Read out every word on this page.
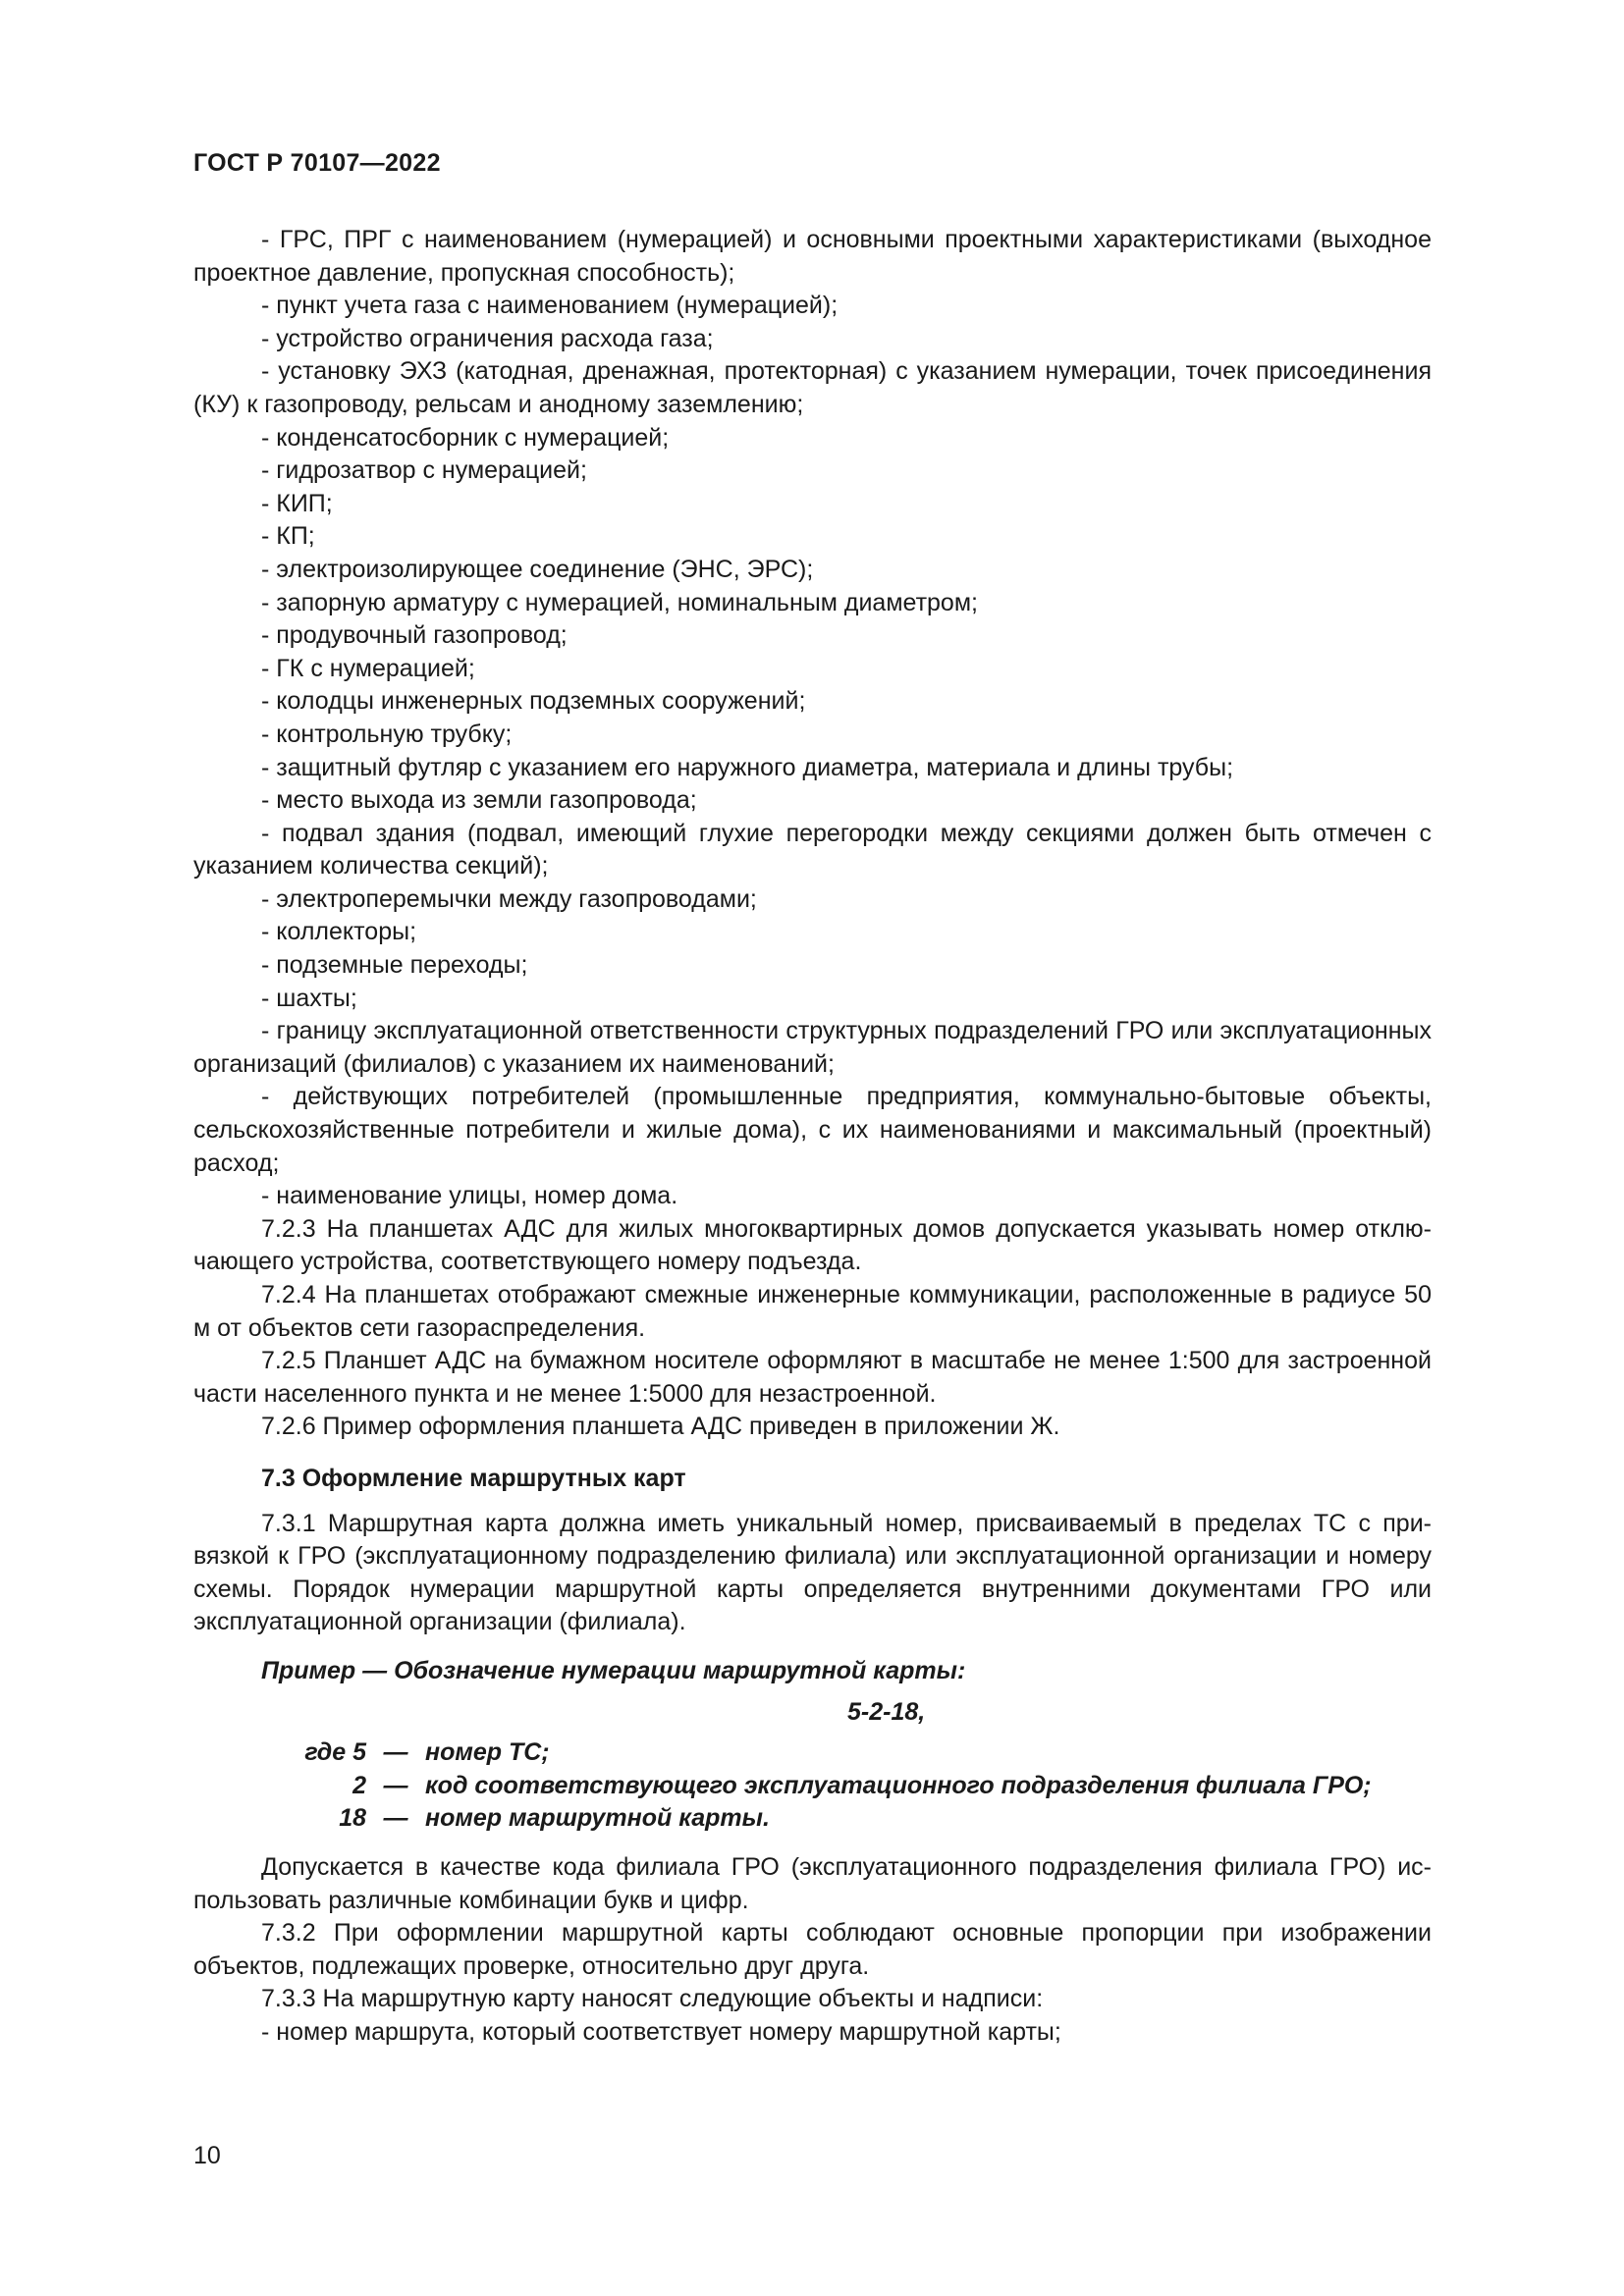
ГОСТ Р 70107—2022

- ГРС, ПРГ с наименованием (нумерацией) и основными проектными характеристиками (выходное проектное давление, пропускная способность);

- пункт учета газа с наименованием (нумерацией);

- устройство ограничения расхода газа;

- установку ЭХЗ (катодная, дренажная, протекторная) с указанием нумерации, точек присоединения (КУ) к газопроводу, рельсам и анодному заземлению;

- конденсатосборник с нумерацией;

- гидрозатвор с нумерацией;

- КИП;

- КП;

- электроизолирующее соединение (ЭНС, ЭРС);

- запорную арматуру с нумерацией, номинальным диаметром;

- продувочный газопровод;

- ГК с нумерацией;

- колодцы инженерных подземных сооружений;

- контрольную трубку;

- защитный футляр с указанием его наружного диаметра, материала и длины трубы;

- место выхода из земли газопровода;

- подвал здания (подвал, имеющий глухие перегородки между секциями должен быть отмечен с указанием количества секций);

- электроперемычки между газопроводами;

- коллекторы;

- подземные переходы;

- шахты;

- границу эксплуатационной ответственности структурных подразделений ГРО или эксплуатационных организаций (филиалов) с указанием их наименований;

- действующих потребителей (промышленные предприятия, коммунально-бытовые объекты, сельскохозяйственные потребители и жилые дома), с их наименованиями и максимальный (проектный) расход;

- наименование улицы, номер дома.

7.2.3 На планшетах АДС для жилых многоквартирных домов допускается указывать номер отключающего устройства, соответствующего номеру подъезда.

7.2.4 На планшетах отображают смежные инженерные коммуникации, расположенные в радиусе 50 м от объектов сети газораспределения.

7.2.5 Планшет АДС на бумажном носителе оформляют в масштабе не менее 1:500 для застроенной части населенного пункта и не менее 1:5000 для незастроенной.

7.2.6 Пример оформления планшета АДС приведен в приложении Ж.

7.3 Оформление маршрутных карт

7.3.1 Маршрутная карта должна иметь уникальный номер, присваиваемый в пределах ТС с привязкой к ГРО (эксплуатационному подразделению филиала) или эксплуатационной организации и номеру схемы. Порядок нумерации маршрутной карты определяется внутренними документами ГРО или эксплуатационной организации (филиала).

Пример — Обозначение нумерации маршрутной карты:
5-2-18,
где 5 — номер ТС;
2 — код соответствующего эксплуатационного подразделения филиала ГРО;
18 — номер маршрутной карты.

Допускается в качестве кода филиала ГРО (эксплуатационного подразделения филиала ГРО) использовать различные комбинации букв и цифр.

7.3.2 При оформлении маршрутной карты соблюдают основные пропорции при изображении объектов, подлежащих проверке, относительно друг друга.

7.3.3 На маршрутную карту наносят следующие объекты и надписи:

- номер маршрута, который соответствует номеру маршрутной карты;

10
